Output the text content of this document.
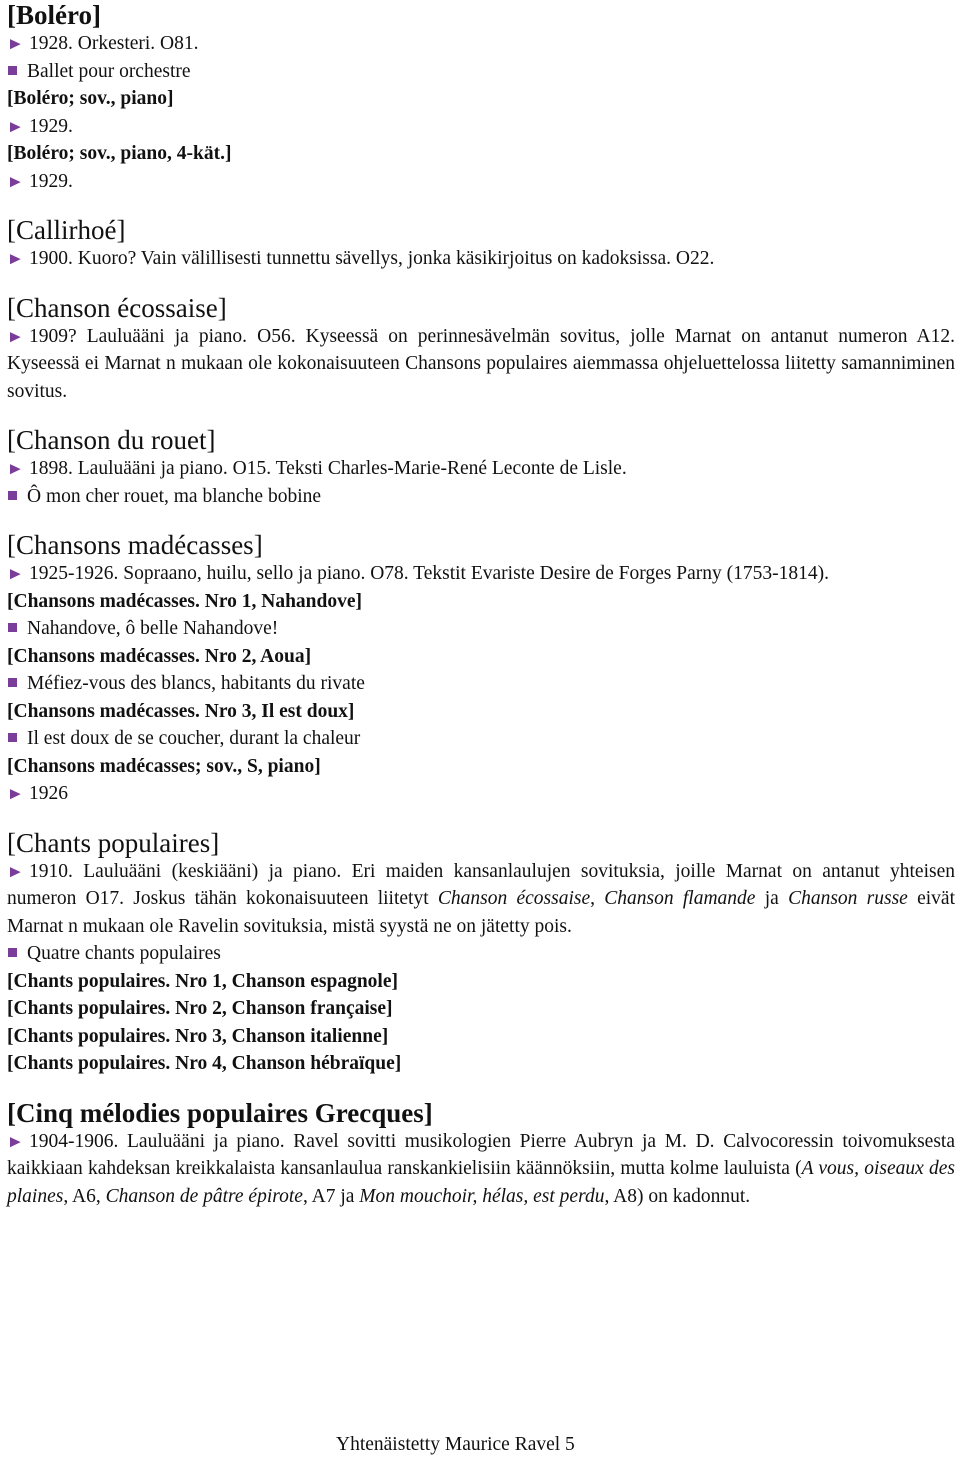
[Boléro]

► 1928. Orkesteri. O81.

Ballet pour orchestre

[Boléro; sov., piano]

► 1929.

[Boléro; sov., piano, 4-kät.]

► 1929.

[Callirhoé]

► 1900. Kuoro? Vain välillisesti tunnettu sävellys, jonka käsikirjoitus on kadoksissa. O22.

[Chanson écossaise]

► 1909? Lauluääni ja piano. O56. Kyseessä on perinnesävelmän sovitus, jolle Marnat on antanut numeron A12. Kyseessä ei Marnat n mukaan ole kokonaisuuteen Chansons populaires aiemmassa ohjeluettelossa liitetty samanniminen sovitus.

[Chanson du rouet]

► 1898. Lauluääni ja piano. O15. Teksti Charles-Marie-René Leconte de Lisle.

Ô mon cher rouet, ma blanche bobine

[Chansons madécasses]

► 1925-1926. Sopraano, huilu, sello ja piano. O78. Tekstit Evariste Desire de Forges Parny (1753-1814).

[Chansons madécasses. Nro 1, Nahandove]

Nahandove, ô belle Nahandove!

[Chansons madécasses. Nro 2, Aoua]

Méfiez-vous des blancs, habitants du rivate

[Chansons madécasses. Nro 3, Il est doux]

Il est doux de se coucher, durant la chaleur

[Chansons madécasses; sov., S, piano]

► 1926

[Chants populaires]

► 1910. Lauluääni (keskiääni) ja piano. Eri maiden kansanlaulujen sovituksia, joille Marnat on antanut yhteisen numeron O17. Joskus tähän kokonaisuuteen liitetyt Chanson écossaise, Chanson flamande ja Chanson russe eivät Marnat n mukaan ole Ravelin sovituksia, mistä syystä ne on jätetty pois.

Quatre chants populaires

[Chants populaires. Nro 1, Chanson espagnole]

[Chants populaires. Nro 2, Chanson française]

[Chants populaires. Nro 3, Chanson italienne]

[Chants populaires. Nro 4, Chanson hébraïque]

[Cinq mélodies populaires Grecques]

► 1904-1906. Lauluääni ja piano. Ravel sovitti musikologien Pierre Aubryn ja M. D. Calvocoressin toivomuksesta kaikkiaan kahdeksan kreikkalaista kansanlaulua ranskankielisiin käännöksiin, mutta kolme lauluista (A vous, oiseaux des plaines, A6, Chanson de pâtre épirote, A7 ja Mon mouchoir, hélas, est perdu, A8) on kadonnut.

Yhtenäistetty Maurice Ravel 5
